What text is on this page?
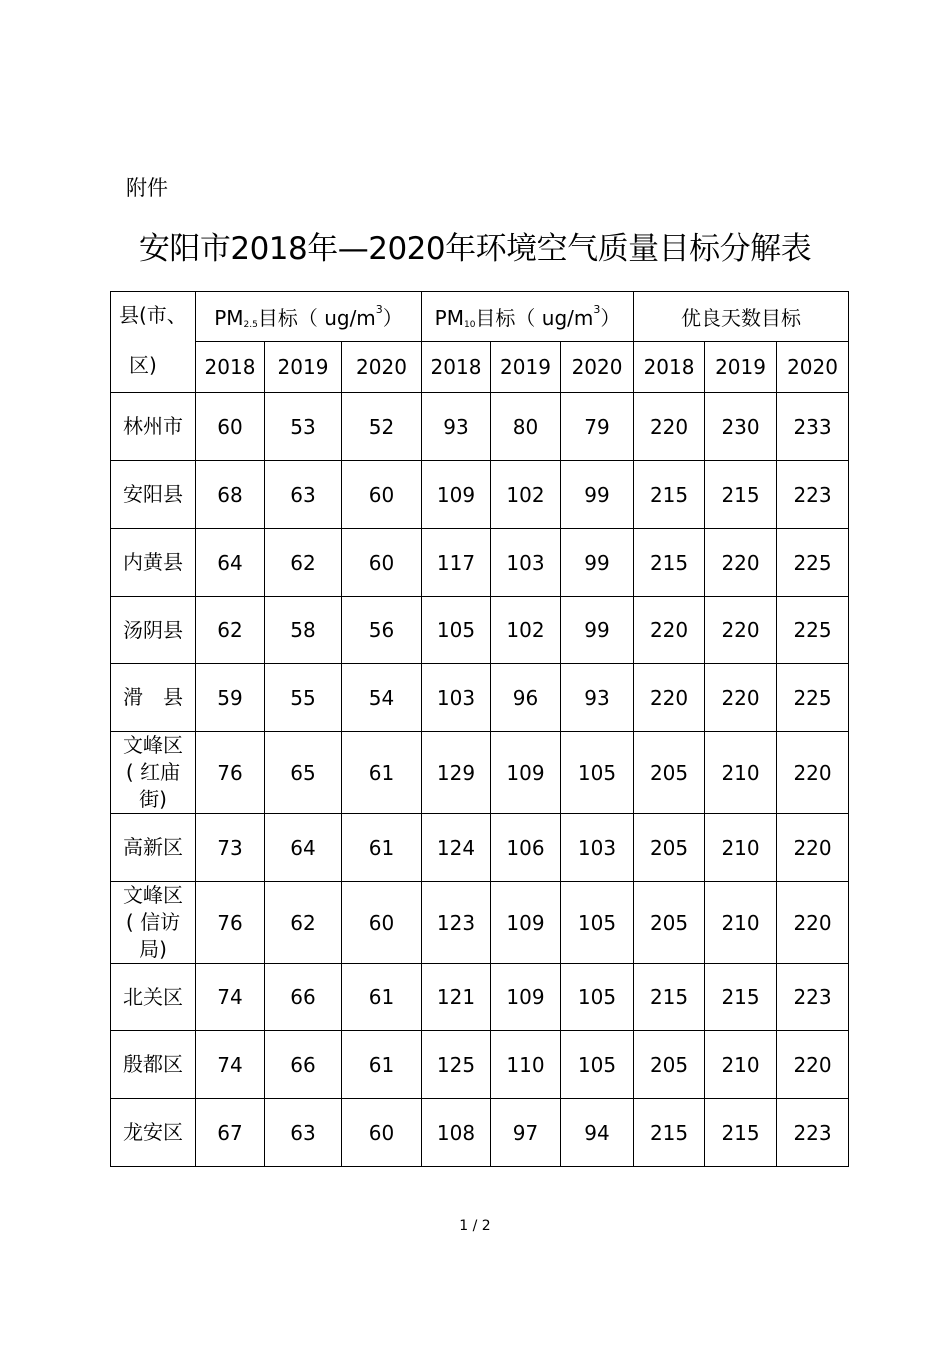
附件
安阳市2018年—2020年环境空气质量目标分解表
县(市、
区)	$PM_{2.5}$目标（ $ug/m^3$）			$PM_{10}$目标（ $ug/m^3$）			优良天数目标		
	2018	2019	2020	2018	2019	2020	2018	2019	2020

林州市	60	53	52	93	80	79	220	230	233

安阳县	68	63	60	109	102	99	215	215	223

内黄县	64	62	60	117	103	99	215	220	225

汤阴县	62	58	56	105	102	99	220	220	225

滑　县	59	55	54	103	96	93	220	220	225

文峰区
( 红庙
街)	76	65	61	129	109	105	205	210	220

高新区	73	64	61	124	106	103	205	210	220

文峰区
( 信访
局)	76	62	60	123	109	105	205	210	220

北关区	74	66	61	121	109	105	215	215	223

殷都区	74	66	61	125	110	105	205	210	220

龙安区	67	63	60	108	97	94	215	215	223
1 / 2
